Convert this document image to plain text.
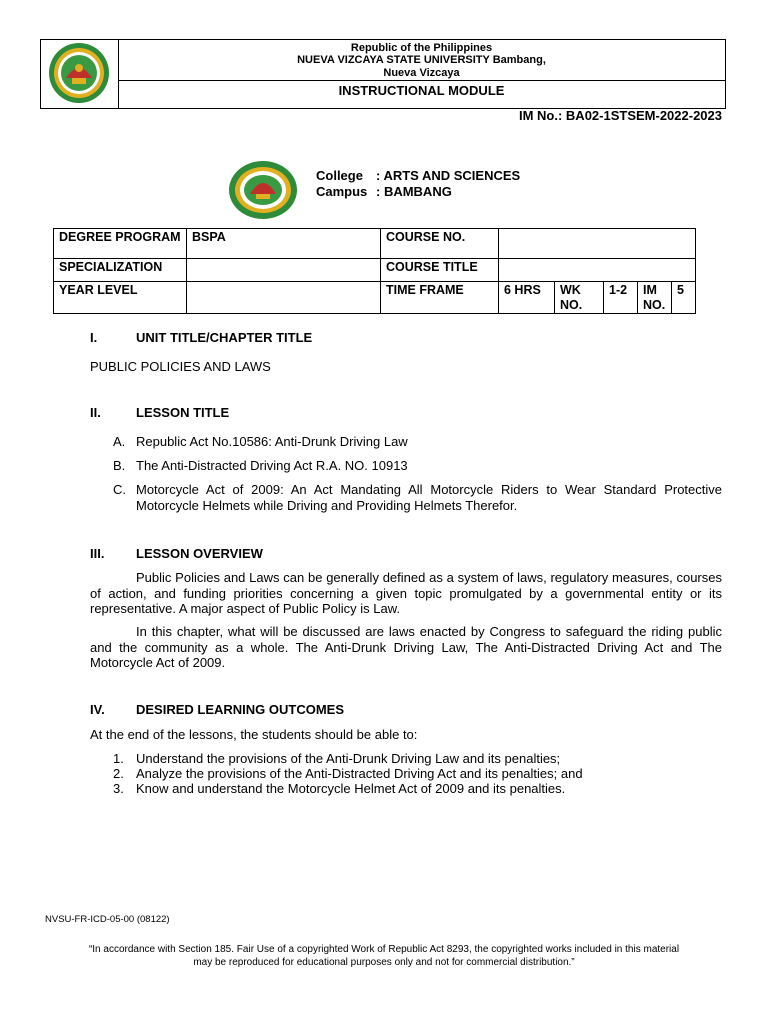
Republic of the Philippines
NUEVA VIZCAYA STATE UNIVERSITY Bambang,
Nueva Vizcaya
INSTRUCTIONAL MODULE
IM No.: BA02-1STSEM-2022-2023
College : ARTS AND SCIENCES
Campus : BAMBANG
DEGREE PROGRAM	BSPA	COURSE NO.					
SPECIALIZATION		COURSE TITLE					
YEAR LEVEL		TIME FRAME	6 HRS	WK NO.	1-2	IM NO.	5
I.	UNIT TITLE/CHAPTER TITLE
PUBLIC POLICIES AND LAWS
II.	LESSON TITLE
A. Republic Act No.10586: Anti-Drunk Driving Law
B. The Anti-Distracted Driving Act R.A. NO. 10913
C. Motorcycle Act of 2009: An Act Mandating All Motorcycle Riders to Wear Standard Protective Motorcycle Helmets while Driving and Providing Helmets Therefor.
III. LESSON OVERVIEW
Public Policies and Laws can be generally defined as a system of laws, regulatory measures, courses of action, and funding priorities concerning a given topic promulgated by a governmental entity or its representative. A major aspect of Public Policy is Law.
In this chapter, what will be discussed are laws enacted by Congress to safeguard the riding public and the community as a whole. The Anti-Drunk Driving Law, The Anti-Distracted Driving Act and The Motorcycle Act of 2009.
IV. DESIRED LEARNING OUTCOMES
At the end of the lessons, the students should be able to:
1. Understand the provisions of the Anti-Drunk Driving Law and its penalties;
2. Analyze the provisions of the Anti-Distracted Driving Act and its penalties; and
3. Know and understand the Motorcycle Helmet Act of 2009 and its penalties.
NVSU-FR-ICD-05-00 (08122)
“In accordance with Section 185. Fair Use of a copyrighted Work of Republic Act 8293, the copyrighted works included in this material
may be reproduced for educational purposes only and not for commercial distribution.”
